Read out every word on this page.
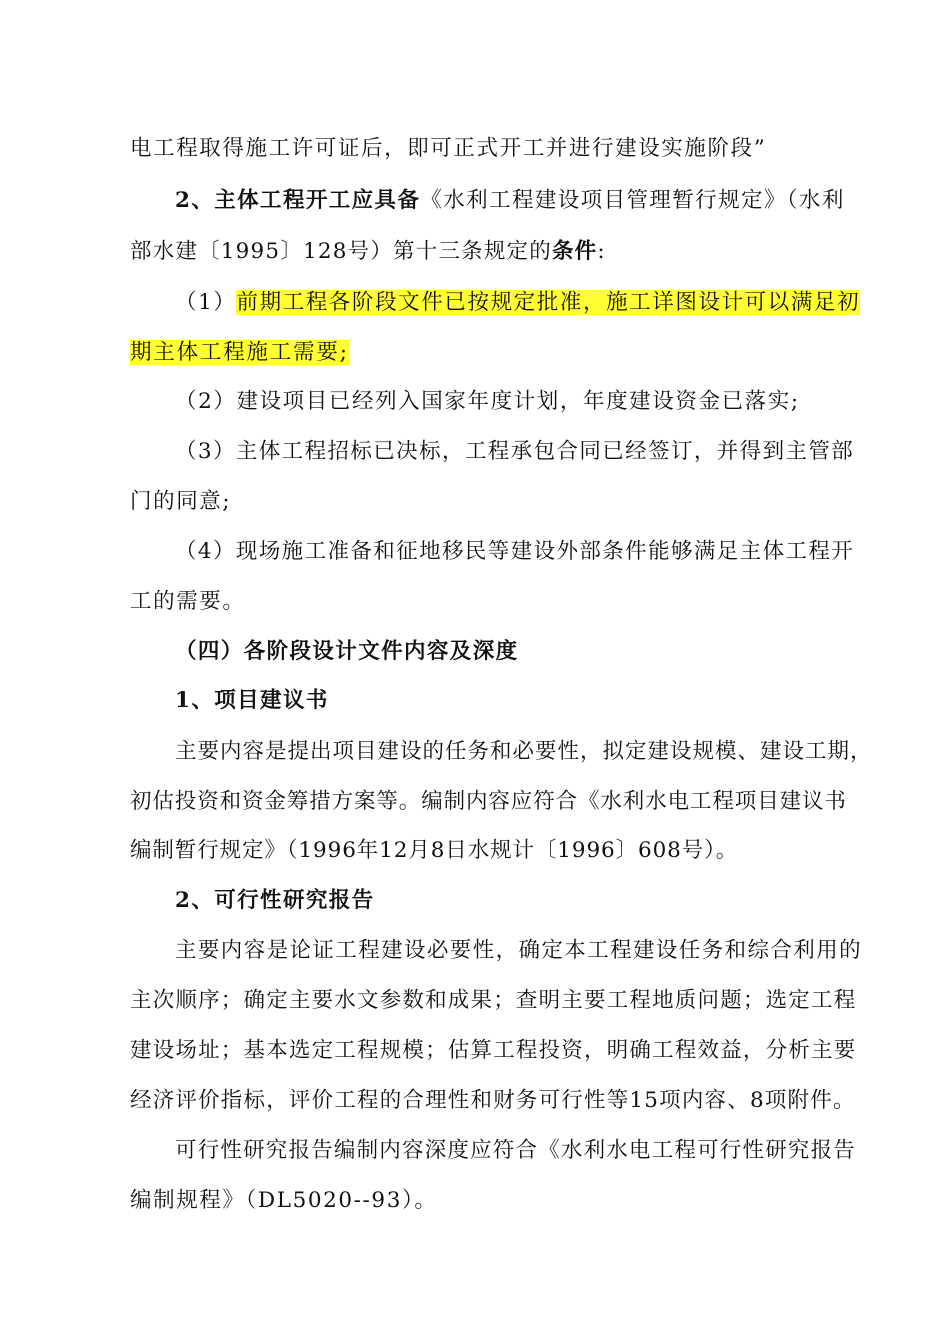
电工程取得施工许可证后，即可正式开工并进行建设实施阶段”

2、主体工程开工应具备《水利工程建设项目管理暂行规定》（水利

部水建〔1995〕128号）第十三条规定的条件:

（1）前期工程各阶段文件已按规定批准，施工详图设计可以满足初

期主体工程施工需要;

（2）建设项目已经列入国家年度计划，年度建设资金已落实;

（3）主体工程招标已决标，工程承包合同已经签订，并得到主管部

门的同意;

（4）现场施工准备和征地移民等建设外部条件能够满足主体工程开

工的需要。

（四）各阶段设计文件内容及深度

1、项目建议书

主要内容是提出项目建设的任务和必要性，拟定建设规模、建设工期，

初估投资和资金筹措方案等。编制内容应符合《水利水电工程项目建议书

编制暂行规定》（1996年12月8日水规计〔1996〕608号）。

2、可行性研究报告

主要内容是论证工程建设必要性，确定本工程建设任务和综合利用的

主次顺序；确定主要水文参数和成果；查明主要工程地质问题；选定工程

建设场址；基本选定工程规模；估算工程投资，明确工程效益，分析主要

经济评价指标，评价工程的合理性和财务可行性等15项内容、8项附件。

可行性研究报告编制内容深度应符合《水利水电工程可行性研究报告

编制规程》（DL5020--93）。
